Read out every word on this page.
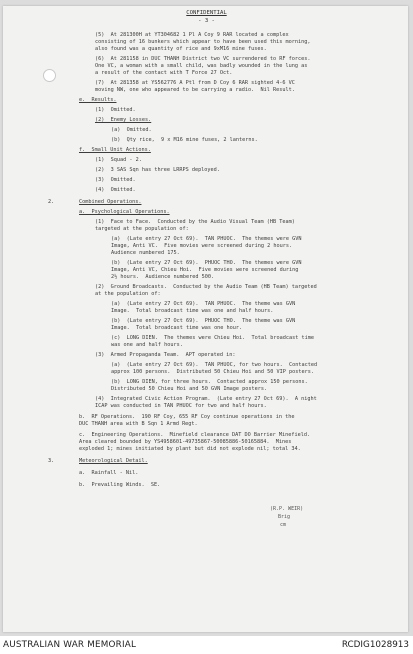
CONFIDENTIAL
- 3 -
(5)  At 281300H at YT304682 1 Pl A Coy 9 RAR located a complex
consisting of 16 bunkers which appear to have been used this morning,
also found was a quantity of rice and 9xM16 mine fuses.
(6)  At 281158 in DUC THANH District two VC surrendered to RF forces.
One VC, a woman with a small child, was badly wounded in the lung as
a result of the contact with T Force 27 Oct.
(7)  At 281358 at YS562776 A Ptl from D Coy 6 RAR sighted 4-6 VC
moving NW, one who appeared to be carrying a radio.  Nil Result.
e.  Results.
(1)  Omitted.
(2)  Enemy Losses.
(a)  Omitted.
(b)  Qty rice,  9 x M16 mine fuses, 2 lanterns.
f.  Small Unit Actions.
(1)  Squad - 2.
(2)  3 SAS Sqn has three LRRPS deployed.
(3)  Omitted.
(4)  Omitted.
2.	Combined Operations.
a.  Psychological Operations.
(1)  Face to Face.  Conducted by the Audio Visual Team (HB Team)
targeted at the population of:
(a)  (Late entry 27 Oct 69).  TAN PHUOC.  The themes were GVN
Image, Anti VC.  Five movies were screened during 2 hours.
Audience numbered 175.
(b)  (Late entry 27 Oct 69).  PHUOC THO.  The themes were GVN
Image, Anti VC, Chieu Hoi.  Five movies were screened during
2½ hours.  Audience numbered 500.
(2)  Ground Broadcasts.  Conducted by the Audio Team (HB Team) targeted
at the population of:
(a)  (Late entry 27 Oct 69).  TAN PHUOC.  The theme was GVN
Image.  Total broadcast time was one and half hours.
(b)  (Late entry 27 Oct 69).  PHUOC THO.  The theme was GVN
Image.  Total broadcast time was one hour.
(c)  LONG DIEN.  The themes were Chieu Hoi.  Total broadcast time
was one and half hours.
(3)  Armed Propaganda Team.  APT operated in:
(a)  (Late entry 27 Oct 69).  TAN PHUOC, for two hours.  Contacted
approx 100 persons.  Distributed 50 Chieu Hoi and 50 VIP posters.
(b)  LONG DIEN, for three hours.  Contacted approx 150 persons.
Distributed 50 Chieu Hoi and 50 GVN Image posters.
(4)  Integrated Civic Action Program.  (Late entry 27 Oct 69).  A night
ICAP was conducted in TAN PHUOC for two and half hours.
b.  RF Operations.  190 RF Coy, 655 RF Coy continue operations in the
DUC THANH area with B Sqn 1 Armd Regt.
c.  Engineering Operations.  Minefield clearance DAT DO Barrier Minefield.
Area cleared bounded by YS4958601-49735867-50085886-50165884.  Mines
exploded 1; mines initiated by plant but did not explode nil; total 34.
3.	Meteorological Detail.
a.  Rainfall - Nil.
b.  Prevailing Winds.  SE.
(R.P. WEIR)
Brig
cm
AUSTRALIAN WAR MEMORIAL	RCDIG1028913
